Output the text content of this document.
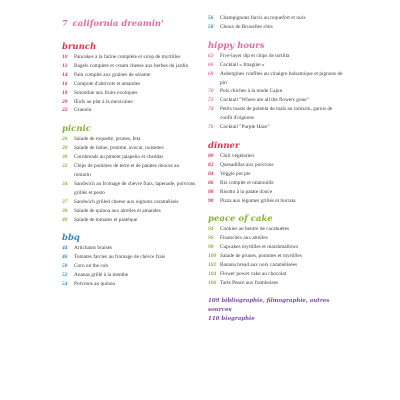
7 california dreamin'
brunch
10 Pancakes à la farine complète et sirop de myrtilles
12 Bagels complets et cream cheese aux herbes du jardin
14 Pain complet aux graines de sésame
16 Compote d'abricots et amandes
18 Smoothie aux fruits exotiques
20 Œufs au plat à la mexicaine
22 Granola
picnic
26 Salade de roquette, prunes, feta
28 Salade de laitue, pomme, avocat, noisettes
30 Cornbreads au piment jalapeño et cheddar
32 Chips de pommes de terre et de patates douces au romarin
34 Sandwich au fromage de chèvre frais, tapenade, poivrons grillés et pesto
37 Sandwich grilled cheese aux oignons caramélisés
38 Salade de quinoa aux airelles et amandes
40 Salade de tomates et pastèque
bbq
44 Artichauts braisés
46 Tomates farcies au fromage de chèvre frais
50 Corn on the cob
52 Ananas grillé à la menthe
54 Poivrons au quinoa
56 Champignons farcis au roquefort et noix
58 Choux de Bruxelles rôtis
hippy hours
62 Five-layer dip et chips de tortilla
66 Cocktail « Imagine »
68 Aubergines confites au vinaigre balsamique et pignons de pin
70 Pois chiches à la mode Cajun
72 Cocktail "Where are all the flowers gone"
74 Petits toasts de polenta de maïs au romarin, garnis de confit d'oignons
76 Cocktail "Purple Haze"
dinner
80 Chili végétarien
82 Quesadillas aux poivrons
84 Veggie pot pie
86 Riz complet et ratatouille
88 Risotto à la patate douce
90 Pizza aux légumes grillés et burrata
peace of cake
94 Cookies au beurre de cacahuètes
96 Financiers aux airelles
98 Cupcakes myrtilles et marshmallows
100 Salade de prunes, pommes et myrtilles
102 Banana bread aux noix caramélisées
104 Flower power cake au chocolat
106 Tarte Peace aux framboises
109 bibliographie, filmographie, autres sources
110 biographie
